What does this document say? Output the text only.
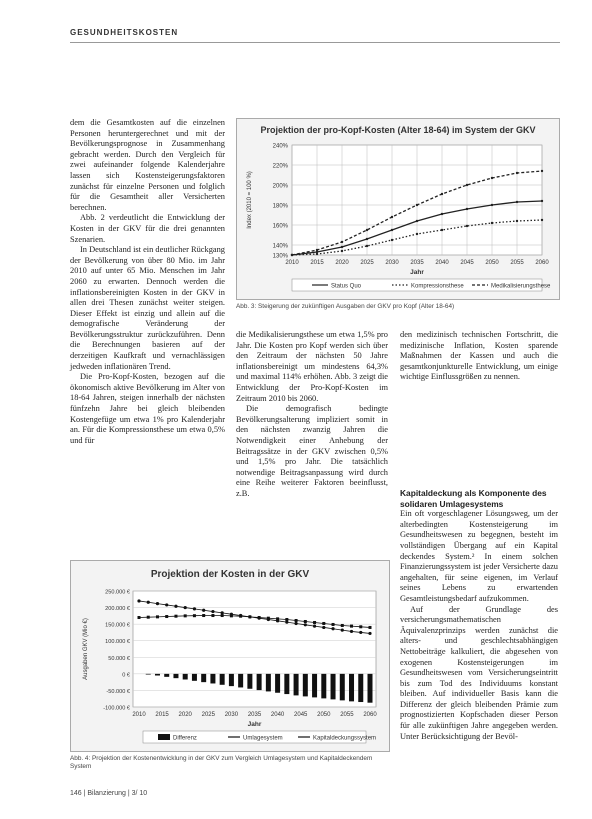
GESUNDHEITSKOSTEN

dem die Gesamtkosten auf die einzelnen Personen heruntergerechnet und mit der Bevölkerungsprognose in Zusammenhang gebracht werden. Durch den Vergleich für zwei aufeinander folgende Kalenderjahre lassen sich Kostensteigerungsfaktoren zunächst für einzelne Personen und folglich für die Gesamtheit aller Versicherten berechnen.

Abb. 2 verdeutlicht die Entwicklung der Kosten in der GKV für die drei genannten Szenarien.

In Deutschland ist ein deutlicher Rückgang der Bevölkerung von über 80 Mio. im Jahr 2010 auf unter 65 Mio. Menschen im Jahr 2060 zu erwarten. Dennoch werden die inflationsbereinigten Kosten in der GKV in allen drei Thesen zunächst weiter steigen. Dieser Effekt ist einzig und allein auf die demografische Veränderung der Bevölkerungsstruktur zurückzuführen. Denn die Berechnungen basieren auf der derzeitigen Kaufkraft und vernachlässigen jedweden inflationären Trend.

Die Pro-Kopf-Kosten, bezogen auf die ökonomisch aktive Bevölkerung im Alter von 18-64 Jahren, steigen innerhalb der nächsten fünfzehn Jahre bei gleich bleibenden Kostengefüge um etwa 1% pro Kalenderjahr an. Für die Kompressionsthese um etwa 0,5% und für

Projektion der pro-Kopf-Kosten (Alter 18-64) im System der GKV
130%
140%
160%
180%
200%
220%
240%
2010 2015 2020 2025 2030 2035 2040 2045 2050 2055 2060
Jahr
Index (2010 = 100 %)
Status Quo	Kompressionsthese	Medikalisierungsthese
Abb. 3: Steigerung der zukünftigen Ausgaben der GKV pro Kopf (Alter 18-64)

die Medikalisierungsthese um etwa 1,5% pro Jahr. Die Kosten pro Kopf werden sich über den Zeitraum der nächsten 50 Jahre inflationsbereinigt um mindestens 64,3% und maximal 114% erhöhen. Abb. 3 zeigt die Entwicklung der Pro-Kopf-Kosten im Zeitraum 2010 bis 2060.

Die demografisch bedingte Bevölkerungsalterung impliziert somit in den nächsten zwanzig Jahren die Notwendigkeit einer Anhebung der Beitragssätze in der GKV zwischen 0,5% und 1,5% pro Jahr. Die tatsächlich notwendige Beitragsanpassung wird durch eine Reihe weiterer Faktoren beeinflusst, z.B.

den medizinisch technischen Fortschritt, die medizinische Inflation, Kosten sparende Maßnahmen der Kassen und auch die gesamtkonjunkturelle Entwicklung, um einige wichtige Einflussgrößen zu nennen.

Kapitaldeckung als Komponente des solidaren Umlagesystems

Ein oft vorgeschlagener Lösungsweg, um der alterbedingten Kostensteigerung im Gesundheitswesen zu begegnen, besteht im vollständigen Übergang auf ein Kapital deckendes System.² In einem solchen Finanzierungssystem ist jeder Versicherte dazu angehalten, für seine eigenen, im Verlauf seines Lebens zu erwartenden Gesamtleistungsbedarf aufzukommen.

Auf der Grundlage des versicherungsmathematischen Äquivalenzprinzips werden zunächst die alters- und geschlechtsabhängigen Nettobeiträge kalkuliert, die abgesehen von exogenen Kostensteigerungen im Gesundheitswesen vom Versicherungseintritt bis zum Tod des Individuums konstant bleiben. Auf individueller Basis kann die Differenz der gleich bleibenden Prämie zum prognostizierten Kopfschaden dieser Person für alle zukünftigen Jahre angegeben werden. Unter Berücksichtigung der Bevöl-

Projektion der Kosten in der GKV
250.000 €
200.000 €
150.000 €
100.000 €
50.000 €
0 €
-50.000 €
-100.000 €
2010 2015 2020 2025 2030 2035 2040 2045 2050 2055 2060
Jahr
Ausgaben GKV (Mio €)
Differenz	Umlagesystem	Kapitaldeckungssystem
Abb. 4: Projektion der Kostenentwicklung in der GKV zum Vergleich Umlagesystem und Kapitaldeckendem System
146 | Bilanzierung | 3/ 10
